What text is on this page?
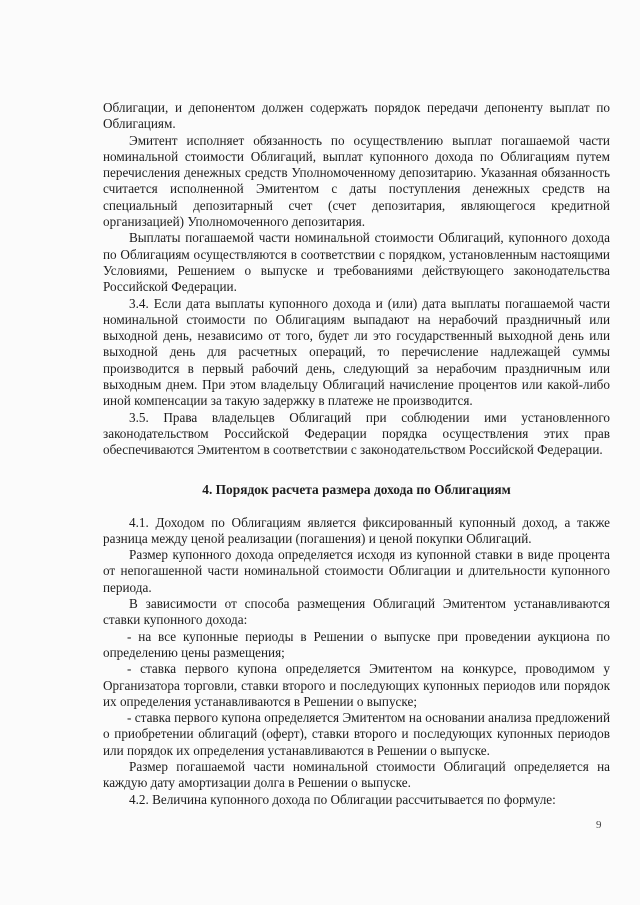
Облигации, и депонентом должен содержать порядок передачи депоненту выплат по Облигациям.

Эмитент исполняет обязанность по осуществлению выплат погашаемой части номинальной стоимости Облигаций, выплат купонного дохода по Облигациям путем перечисления денежных средств Уполномоченному депозитарию. Указанная обязанность считается исполненной Эмитентом с даты поступления денежных средств на специальный депозитарный счет (счет депозитария, являющегося кредитной организацией) Уполномоченного депозитария.

Выплаты погашаемой части номинальной стоимости Облигаций, купонного дохода по Облигациям осуществляются в соответствии с порядком, установленным настоящими Условиями, Решением о выпуске и требованиями действующего законодательства Российской Федерации.

3.4. Если дата выплаты купонного дохода и (или) дата выплаты погашаемой части номинальной стоимости по Облигациям выпадают на нерабочий праздничный или выходной день, независимо от того, будет ли это государственный выходной день или выходной день для расчетных операций, то перечисление надлежащей суммы производится в первый рабочий день, следующий за нерабочим праздничным или выходным днем. При этом владельцу Облигаций начисление процентов или какой-либо иной компенсации за такую задержку в платеже не производится.

3.5. Права владельцев Облигаций при соблюдении ими установленного законодательством Российской Федерации порядка осуществления этих прав обеспечиваются Эмитентом в соответствии с законодательством Российской Федерации.

4. Порядок расчета размера дохода по Облигациям

4.1. Доходом по Облигациям является фиксированный купонный доход, а также разница между ценой реализации (погашения) и ценой покупки Облигаций.

Размер купонного дохода определяется исходя из купонной ставки в виде процента от непогашенной части номинальной стоимости Облигации и длительности купонного периода.

В зависимости от способа размещения Облигаций Эмитентом устанавливаются ставки купонного дохода:

- на все купонные периоды в Решении о выпуске при проведении аукциона по определению цены размещения;

- ставка первого купона определяется Эмитентом на конкурсе, проводимом у Организатора торговли, ставки второго и последующих купонных периодов или порядок их определения устанавливаются в Решении о выпуске;

- ставка первого купона определяется Эмитентом на основании анализа предложений о приобретении облигаций (оферт), ставки второго и последующих купонных периодов или порядок их определения устанавливаются в Решении о выпуске.

Размер погашаемой части номинальной стоимости Облигаций определяется на каждую дату амортизации долга в Решении о выпуске.

4.2. Величина купонного дохода по Облигации рассчитывается по формуле:

9
